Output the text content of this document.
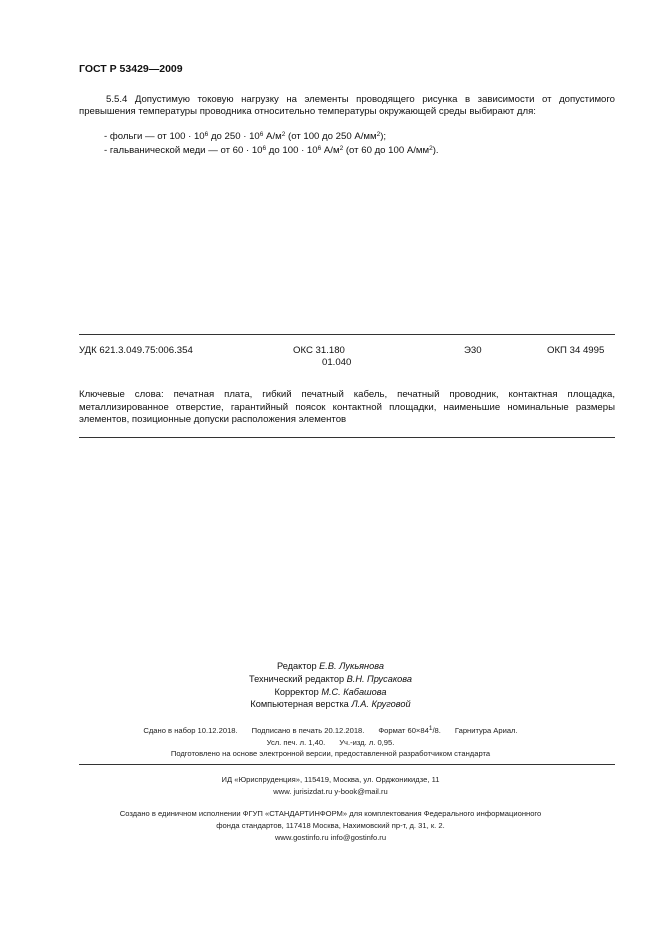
ГОСТ Р 53429—2009
5.5.4 Допустимую токовую нагрузку на элементы проводящего рисунка в зависимости от допустимого превышения температуры проводника относительно температуры окружающей среды выбирают для:
- фольги — от $100 \cdot 10^6$ до $250 \cdot 10^6$ $А/м^2$ (от 100 до 250 $А/мм^2$);
- гальванической меди — от $60 \cdot 10^6$ до $100 \cdot 10^6$ $А/м^2$ (от 60 до 100 $А/мм^2$).
УДК 621.3.049.75:006.354	ОКС 31.180
01.040
Э30	ОКП 34 4995
Ключевые слова: печатная плата, гибкий печатный кабель, печатный проводник, контактная площадка, металлизированное отверстие, гарантийный поясок контактной площадки, наименьшие номинальные размеры элементов, позиционные допуски расположения элементов
Редактор Е.В. Лукьянова
Технический редактор В.Н. Прусакова
Корректор М.С. Кабашова
Компьютерная верстка Л.А. Круговой
Сдано в набор 10.12.2018. Подписано в печать 20.12.2018. Формат $60\times 84^1/8$. Гарнитура Ариал.
Усл. печ. л. 1,40. Уч.-изд. л. 0,95.
Подготовлено на основе электронной версии, предоставленной разработчиком стандарта
ИД «Юриспруденция», 115419, Москва, ул. Орджоникидзе, 11
www. jurisizdat.ru y-book@mail.ru
Создано в единичном исполнении ФГУП «СТАНДАРТИНФОРМ» для комплектования Федерального информационного
фонда стандартов, 117418 Москва, Нахимовский пр-т, д. 31, к. 2.
www.gostinfo.ru info@gostinfo.ru
